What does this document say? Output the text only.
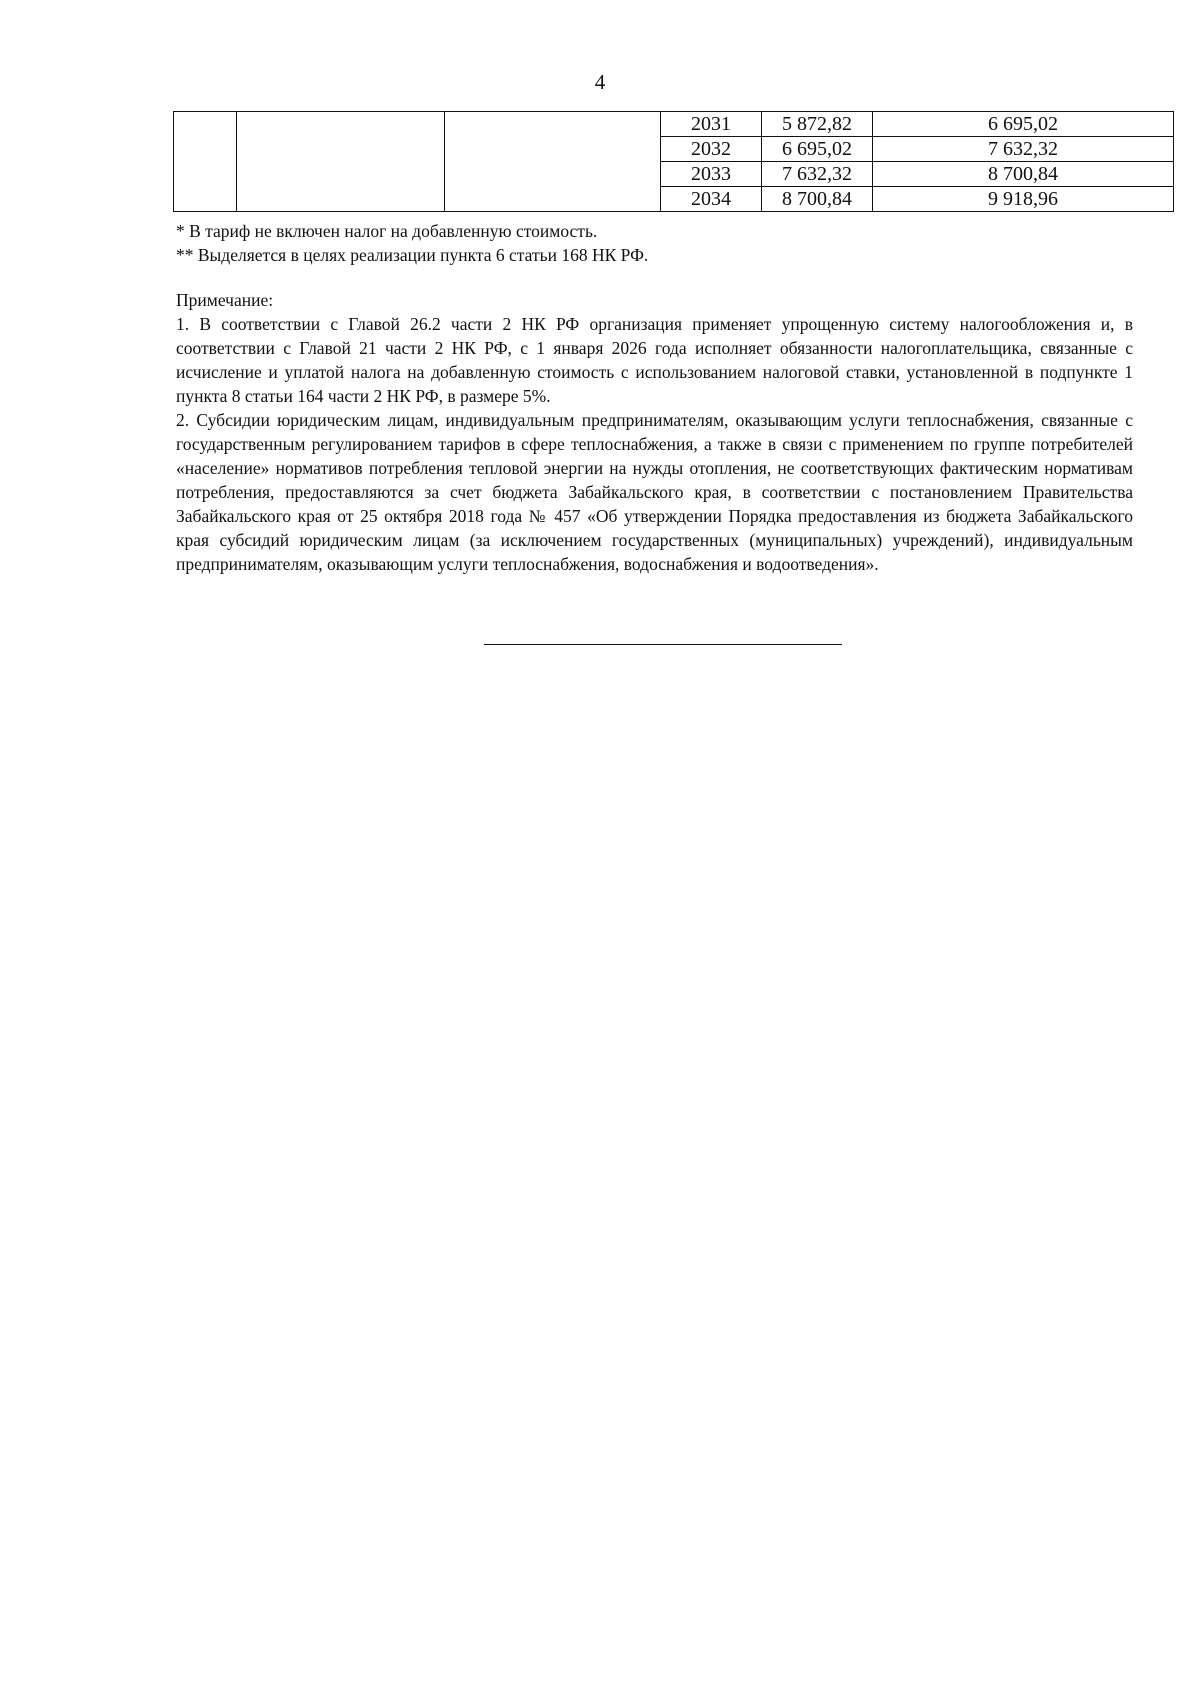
4
			2031	5 872,82	6 695,02
			2032	6 695,02	7 632,32
			2033	7 632,32	8 700,84
			2034	8 700,84	9 918,96
* В тариф не включен налог на добавленную стоимость.
** Выделяется в целях реализации пункта 6 статьи 168 НК РФ.

Примечание:

1. В соответствии с Главой 26.2 части 2 НК РФ организация применяет упрощенную систему налогообложения и, в соответствии с Главой 21 части 2 НК РФ, с 1 января 2026 года исполняет обязанности налогоплательщика, связанные с исчисление и уплатой налога на добавленную стоимость с использованием налоговой ставки, установленной в подпункте 1 пункта 8 статьи 164 части 2 НК РФ, в размере 5%.

2. Субсидии юридическим лицам, индивидуальным предпринимателям, оказывающим услуги теплоснабжения, связанные с государственным регулированием тарифов в сфере теплоснабжения, а также в связи с применением по группе потребителей «население» нормативов потребления тепловой энергии на нужды отопления, не соответствующих фактическим нормативам потребления, предоставляются за счет бюджета Забайкальского края, в соответствии с постановлением Правительства Забайкальского края от 25 октября 2018 года № 457 «Об утверждении Порядка предоставления из бюджета Забайкальского края субсидий юридическим лицам (за исключением государственных (муниципальных) учреждений), индивидуальным предпринимателям, оказывающим услуги теплоснабжения, водоснабжения и водоотведения».
